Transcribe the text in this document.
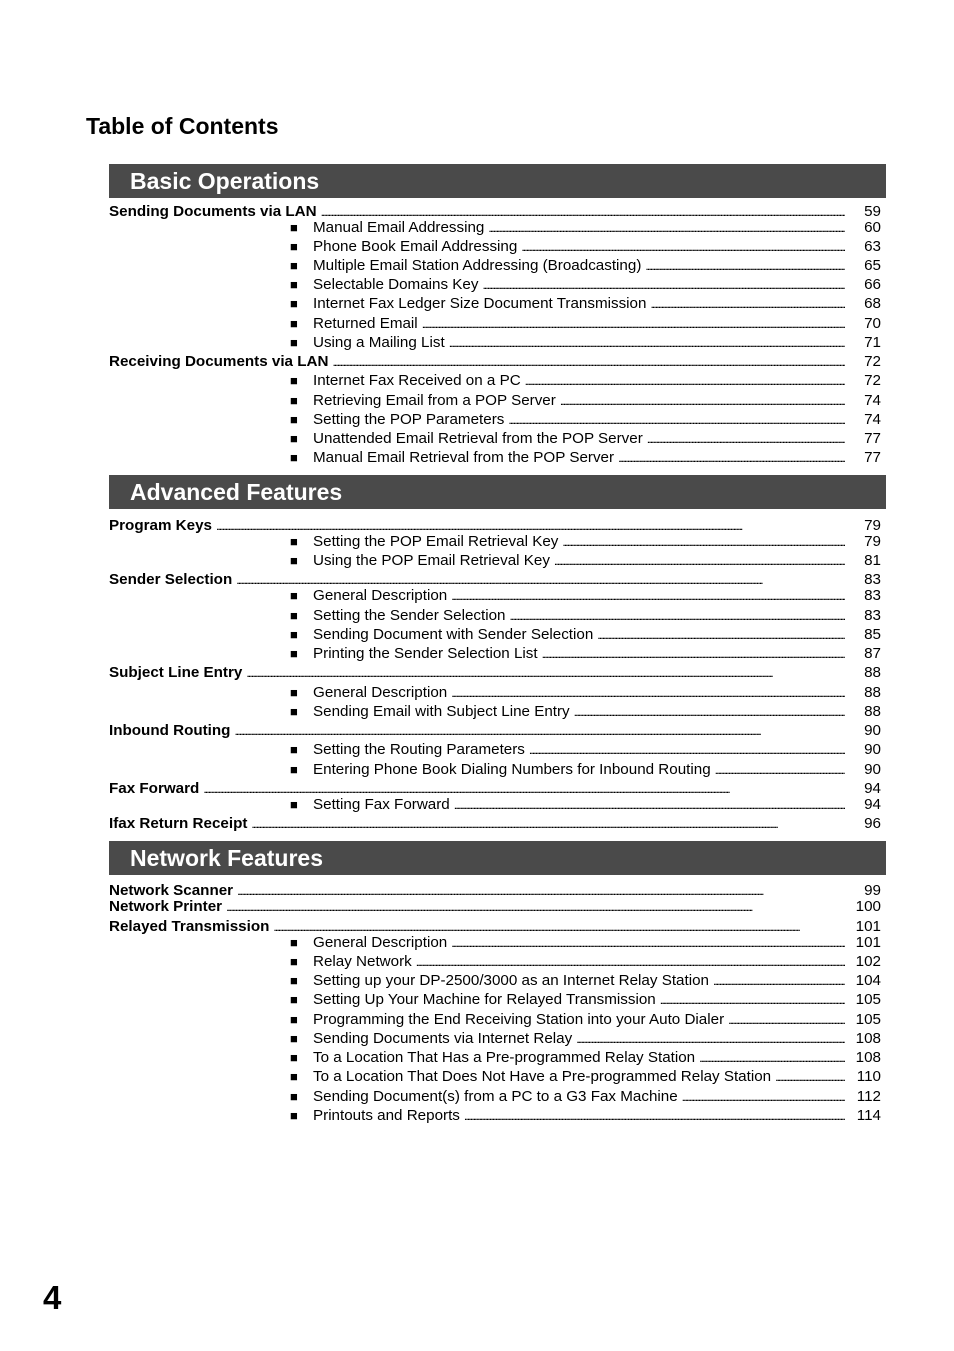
Table of Contents
Basic Operations
Sending Documents via LAN . . .	59
■ Manual Email Addressing . . .	60
■ Phone Book Email Addressing . . .	63
■ Multiple Email Station Addressing (Broadcasting) . . .	65
■ Selectable Domains Key . . .	66
■ Internet Fax Ledger Size Document Transmission . . .	68
■ Returned Email . . .	70
■ Using a Mailing List . . .	71
Receiving Documents via LAN . . .	72
■ Internet Fax Received on a PC . . .	72
■ Retrieving Email from a POP Server . . .	74
■ Setting the POP Parameters . . .	74
■ Unattended Email Retrieval from the POP Server . . .	77
■ Manual Email Retrieval from the POP Server . . .	77
Advanced Features
Program Keys . . .	79
■ Setting the POP Email Retrieval Key . . .	79
■ Using the POP Email Retrieval Key . . .	81
Sender Selection . . .	83
■ General Description . . .	83
■ Setting the Sender Selection . . .	83
■ Sending Document with Sender Selection . . .	85
■ Printing the Sender Selection List . . .	87
Subject Line Entry . . .	88
■ General Description . . .	88
■ Sending Email with Subject Line Entry . . .	88
Inbound Routing . . .	90
■ Setting the Routing Parameters . . .	90
■ Entering Phone Book Dialing Numbers for Inbound Routing . . .	90
Fax Forward . . .	94
■ Setting Fax Forward . . .	94
Ifax Return Receipt . . .	96
Network Features
Network Scanner . . .	99
Network Printer . . .	100
Relayed Transmission . . .	101
■ General Description . . .	101
■ Relay Network . . .	102
■ Setting up your DP-2500/3000 as an Internet Relay Station . . .	104
■ Setting Up Your Machine for Relayed Transmission . . .	105
■ Programming the End Receiving Station into your Auto Dialer . . .	105
■ Sending Documents via Internet Relay . . .	108
■ To a Location That Has a Pre-programmed Relay Station . . .	108
■ To a Location That Does Not Have a Pre-programmed Relay Station . . .	110
■ Sending Document(s) from a PC to a G3 Fax Machine . . .	112
■ Printouts and Reports . . .	114
4
